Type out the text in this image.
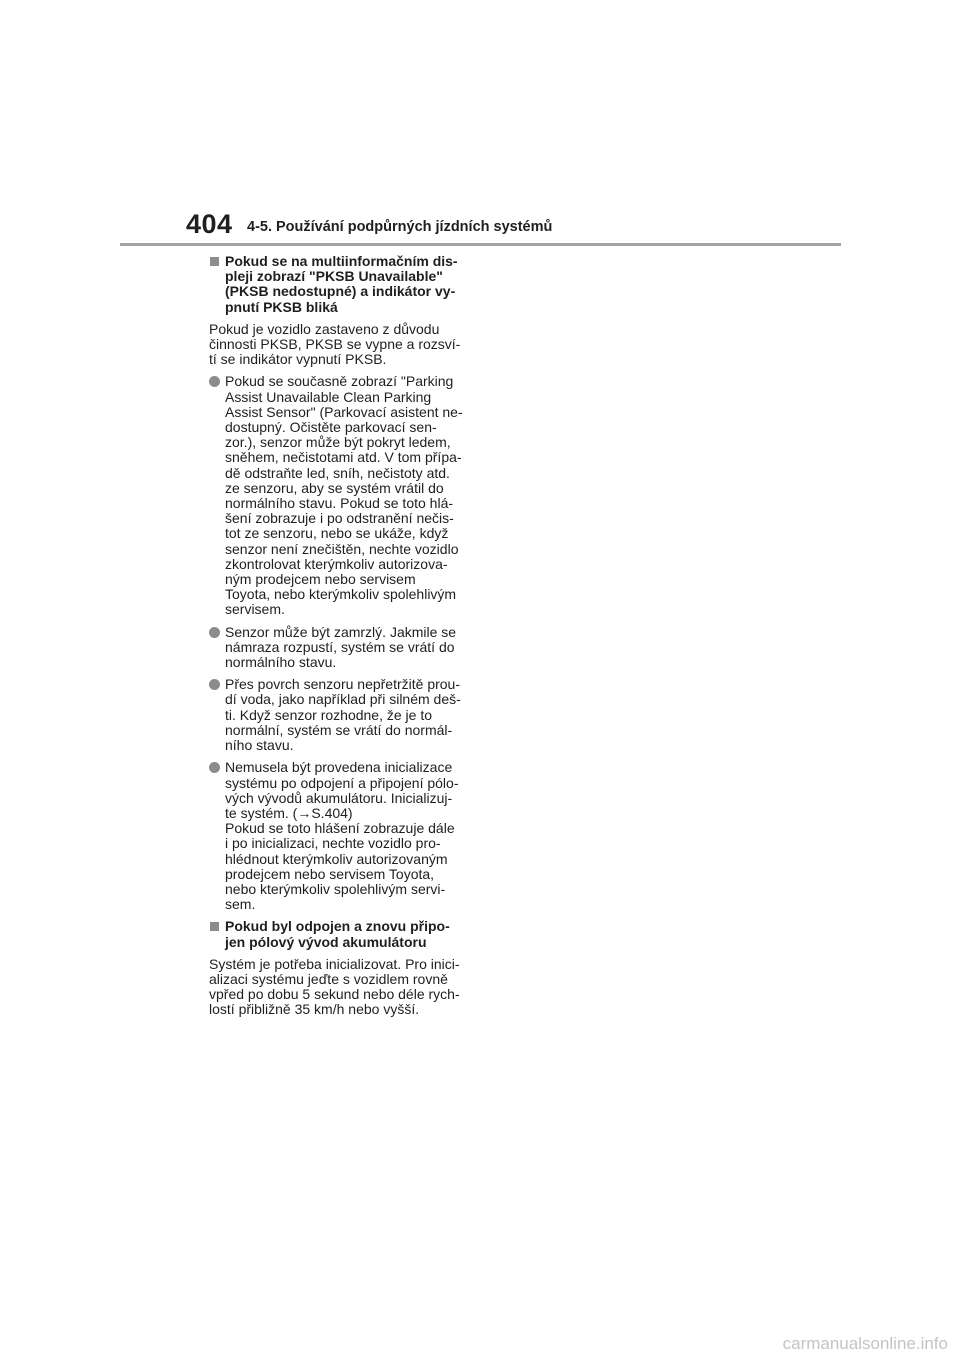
404 4-5. Používání podpůrných jízdních systémů

Pokud se na multiinformačním dis-
pleji zobrazí "PKSB Unavailable"
(PKSB nedostupné) a indikátor vy-
pnutí PKSB bliká

Pokud je vozidlo zastaveno z důvodu
činnosti PKSB, PKSB se vypne a rozsví-
tí se indikátor vypnutí PKSB.

Pokud se současně zobrazí "Parking
Assist Unavailable Clean Parking
Assist Sensor" (Parkovací asistent ne-
dostupný. Očistěte parkovací sen-
zor.), senzor může být pokryt ledem,
sněhem, nečistotami atd. V tom přípa-
dě odstraňte led, sníh, nečistoty atd.
ze senzoru, aby se systém vrátil do
normálního stavu. Pokud se toto hlá-
šení zobrazuje i po odstranění nečis-
tot ze senzoru, nebo se ukáže, když
senzor není znečištěn, nechte vozidlo
zkontrolovat kterýmkoliv autorizova-
ným prodejcem nebo servisem
Toyota, nebo kterýmkoliv spolehlivým
servisem.

Senzor může být zamrzlý. Jakmile se
námraza rozpustí, systém se vrátí do
normálního stavu.

Přes povrch senzoru nepřetržitě prou-
dí voda, jako například při silném deš-
ti. Když senzor rozhodne, že je to
normální, systém se vrátí do normál-
ního stavu.

Nemusela být provedena inicializace
systému po odpojení a připojení pólo-
vých vývodů akumulátoru. Inicializuj-
te systém. (→S.404)
Pokud se toto hlášení zobrazuje dále
i po inicializaci, nechte vozidlo pro-
hlédnout kterýmkoliv autorizovaným
prodejcem nebo servisem Toyota,
nebo kterýmkoliv spolehlivým servi-
sem.

Pokud byl odpojen a znovu připo-
jen pólový vývod akumulátoru

Systém je potřeba inicializovat. Pro inici-
alizaci systému jeďte s vozidlem rovně
vpřed po dobu 5 sekund nebo déle rych-
lostí přibližně 35 km/h nebo vyšší.

carmanualsonline.info
